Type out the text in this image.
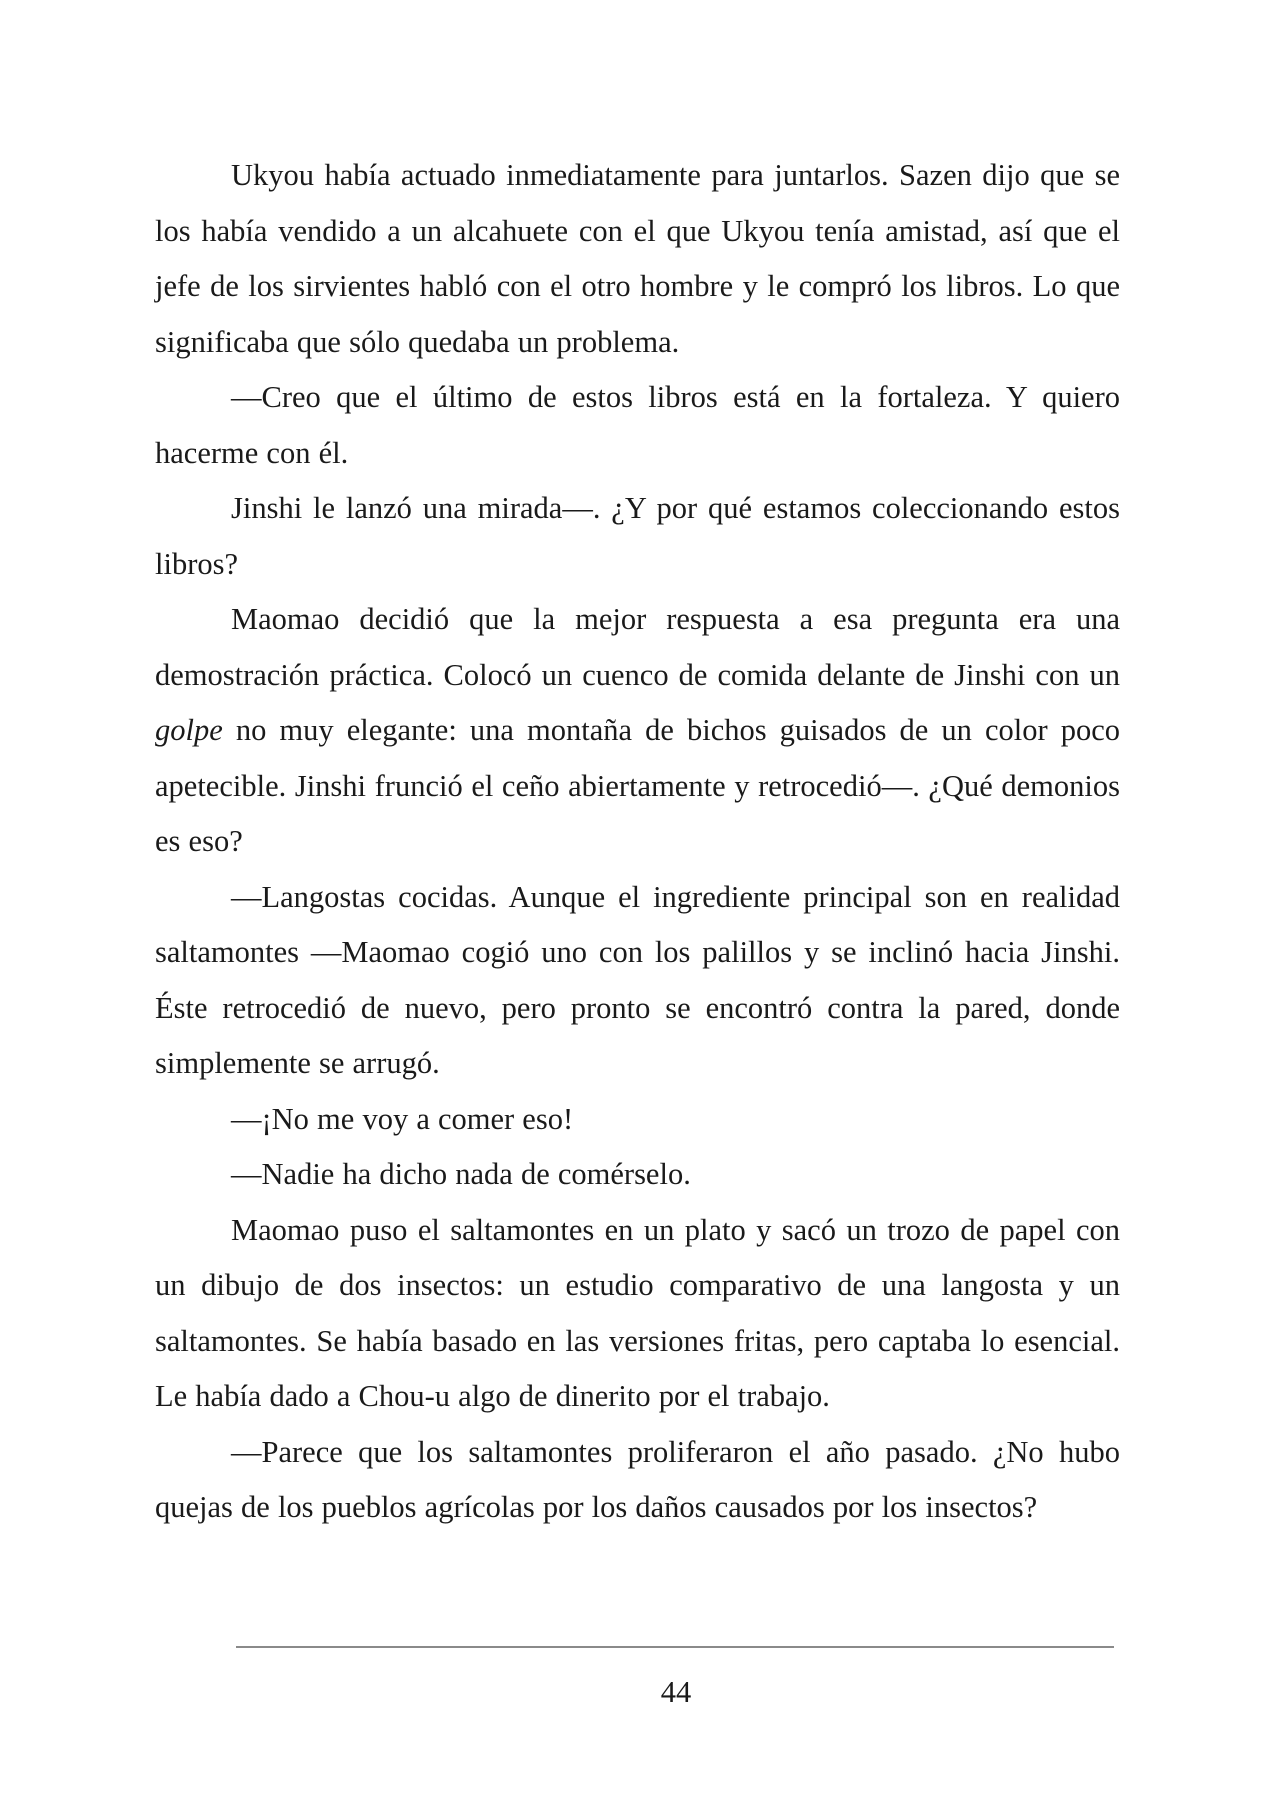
Ukyou había actuado inmediatamente para juntarlos. Sazen dijo que se los había vendido a un alcahuete con el que Ukyou tenía amistad, así que el jefe de los sirvientes habló con el otro hombre y le compró los libros. Lo que significaba que sólo quedaba un problema.

—Creo que el último de estos libros está en la fortaleza. Y quiero hacerme con él.

Jinshi le lanzó una mirada—. ¿Y por qué estamos coleccionando estos libros?

Maomao decidió que la mejor respuesta a esa pregunta era una demostración práctica. Colocó un cuenco de comida delante de Jinshi con un golpe no muy elegante: una montaña de bichos guisados de un color poco apetecible. Jinshi frunció el ceño abiertamente y retrocedió—. ¿Qué demonios es eso?

—Langostas cocidas. Aunque el ingrediente principal son en realidad saltamontes —Maomao cogió uno con los palillos y se inclinó hacia Jinshi. Éste retrocedió de nuevo, pero pronto se encontró contra la pared, donde simplemente se arrugó.

—¡No me voy a comer eso!

—Nadie ha dicho nada de comérselo.

Maomao puso el saltamontes en un plato y sacó un trozo de papel con un dibujo de dos insectos: un estudio comparativo de una langosta y un saltamontes. Se había basado en las versiones fritas, pero captaba lo esencial. Le había dado a Chou-u algo de dinerito por el trabajo.

—Parece que los saltamontes proliferaron el año pasado. ¿No hubo quejas de los pueblos agrícolas por los daños causados por los insectos?

44
